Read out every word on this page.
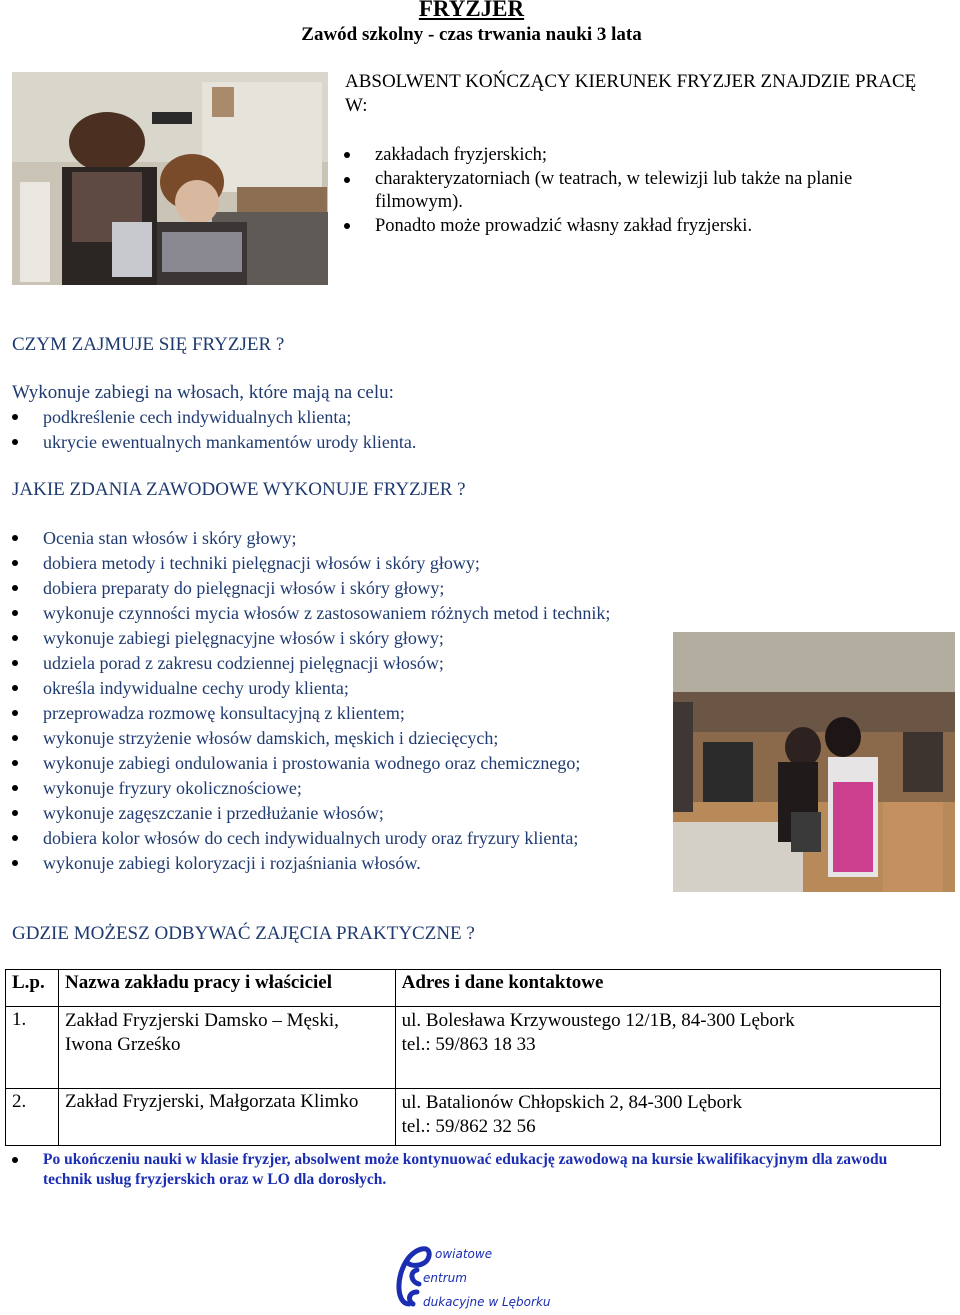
FRYZJER
Zawód szkolny - czas trwania nauki 3 lata
ABSOLWENT KOŃCZĄCY KIERUNEK FRYZJER ZNAJDZIE PRACĘ W:
zakładach fryzjerskich;
charakteryzatorniach (w teatrach, w telewizji lub także na planie filmowym).
Ponadto może prowadzić własny zakład fryzjerski.
CZYM ZAJMUJE SIĘ FRYZJER ?
Wykonuje zabiegi na włosach, które mają na celu:
podkreślenie cech indywidualnych klienta;
ukrycie ewentualnych mankamentów urody klienta.
JAKIE ZDANIA ZAWODOWE WYKONUJE FRYZJER ?
Ocenia stan włosów i skóry głowy;
dobiera metody i techniki pielęgnacji włosów i skóry głowy;
dobiera preparaty do pielęgnacji włosów i skóry głowy;
wykonuje czynności mycia włosów z zastosowaniem różnych metod i technik;
wykonuje zabiegi pielęgnacyjne włosów i skóry głowy;
udziela porad z zakresu codziennej pielęgnacji włosów;
określa indywidualne cechy urody klienta;
przeprowadza rozmowę konsultacyjną z klientem;
wykonuje strzyżenie włosów damskich, męskich i dziecięcych;
wykonuje zabiegi ondulowania i prostowania wodnego oraz chemicznego;
wykonuje fryzury okolicznościowe;
wykonuje zagęszczanie i przedłużanie włosów;
dobiera kolor włosów do cech indywidualnych urody oraz fryzury klienta;
wykonuje zabiegi koloryzacji i rozjaśniania włosów.
GDZIE MOŻESZ ODBYWAĆ ZAJĘCIA PRAKTYCZNE ?
L.p.	Nazwa zakładu pracy i właściciel	Adres i dane kontaktowe
1.	Zakład Fryzjerski Damsko – Męski, Iwona Grześko	ul. Bolesława Krzywoustego 12/1B, 84-300 Lębork
tel.: 59/863 18 33

2.	Zakład Fryzjerski, Małgorzata Klimko	ul. Batalionów Chłopskich 2, 84-300 Lębork
tel.: 59/862 32 56
Po ukończeniu nauki w klasie fryzjer, absolwent może kontynuować edukację zawodową na kursie kwalifikacyjnym dla zawodu technik usług fryzjerskich oraz w LO dla dorosłych.
owiatowe
entrum
dukacyjne w Lęborku
